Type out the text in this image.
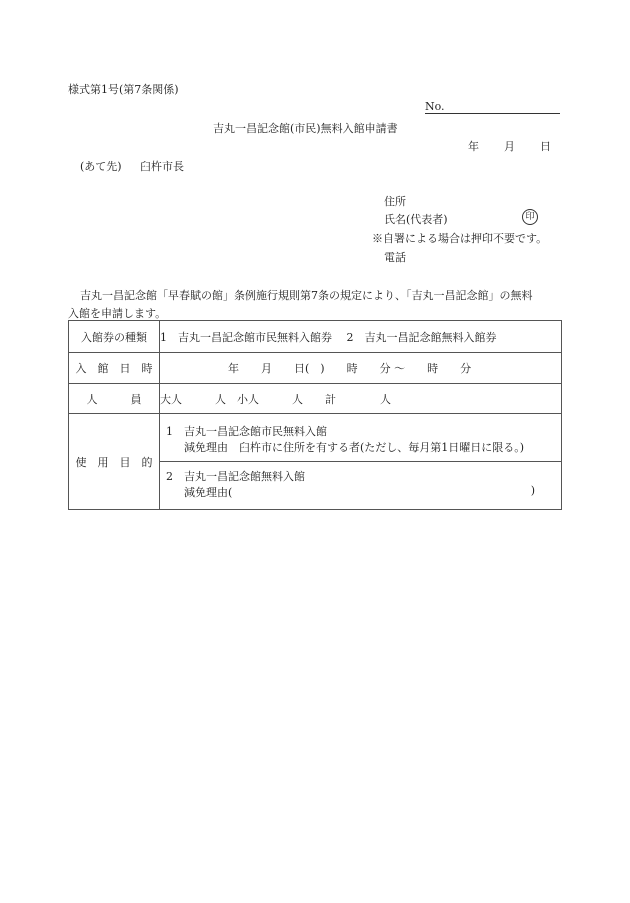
様式第1号(第7条関係)
No.
吉丸一昌記念館(市民)無料入館申請書
年 月 日
(あて先) 臼杵市長
住所
氏名(代表者)	印
※自署による場合は押印不要です。
電話
吉丸一昌記念館「早春賦の館」条例施行規則第7条の規定により、「吉丸一昌記念館」の無料
入館を申請します。
入館券の種類	1　吉丸一昌記念館市民無料入館券　 2　吉丸一昌記念館無料入館券
入　館　日　時	年　　月　　日(　)　　時　　分 ～　　時　　分
人　　　員	大人　　　人　小人　　　人　　計　　　　人
使　用　目　的	1　吉丸一昌記念館市民無料入館
減免理由　臼杵市に住所を有する者(ただし、毎月第1日曜日に限る。)
2　吉丸一昌記念館無料入館
減免理由( )
